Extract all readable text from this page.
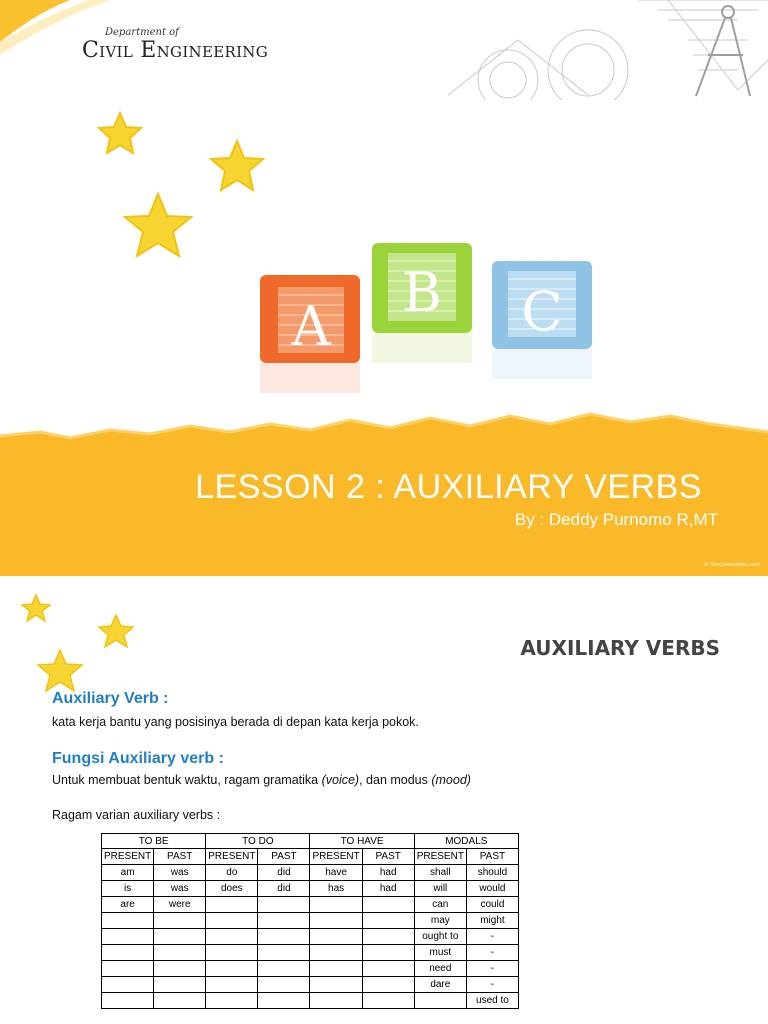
Department of
Civil Engineering
A
B C
LESSON 2 : AUXILIARY VERBS
By : Deddy Purnomo R,MT
© TemplatesWise.com
AUXILIARY VERBS
Auxiliary Verb :
kata kerja bantu yang posisinya berada di depan kata kerja pokok.
Fungsi Auxiliary verb :
Untuk membuat bentuk waktu, ragam gramatika (voice), dan modus (mood)
Ragam varian auxiliary verbs :
TO BE		TO DO		TO HAVE		MODALS	
PRESENT	PAST	PRESENT	PAST	PRESENT	PAST	PRESENT	PAST
am	was	do	did	have	had	shall	should
is	was	does	did	has	had	will	would
are	were					can	could
						may	might
						ought to	-
						must	-
						need	-
						dare	-
							used to
